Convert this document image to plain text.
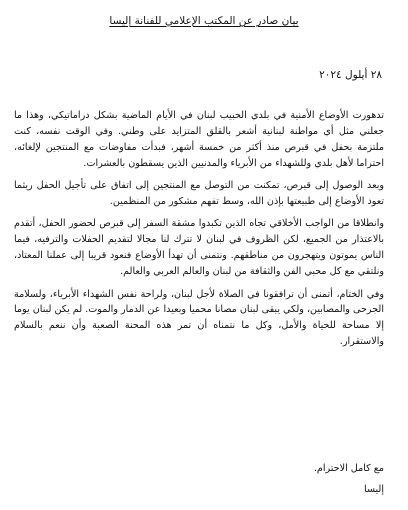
بيان صادر عن المكتب الإعلامي للفنانة إليسا
٢٨ أيلول ٢٠٢٤

تدهورت الأوضاع الأمنية في بلدي الحبيب لبنان في الأيام الماضية بشكل دراماتيكي، وهذا ما جعلني مثل أي مواطنة لبنانية أشعر بالقلق المتزايد على وطني. وفي الوقت نفسه، كنت ملتزمة بحفل في قبرص منذ أكثر من خمسة أشهر، فبدأت مفاوضات مع المنتجين لإلغائه، احتراما لأهل بلدي وللشهداء من الأبرياء والمدنيين الذين يسقطون بالعشرات.

وبعد الوصول إلى قبرص، تمكنت من التوصل مع المنتجين إلى اتفاق على تأجيل الحفل ريثما تعود الأوضاع إلى طبيعتها بإذن الله، وسط تفهم مشكور من المنظمين.

وانطلاقا من الواجب الأخلاقي تجاه الذين تكبدوا مشقة السفر إلى قبرص لحضور الحفل، أتقدم بالاعتذار من الجميع، لكن الظروف في لبنان لا تترك لنا مجالا لتقديم الحفلات والترفيه، فيما الناس يموتون ويتهجرون من مناطقهم. ونتمنى أن تهدأ الأوضاع فنعود قريبا إلى عملنا المعتاد، ونلتقي مع كل محبي الفن والثقافة من لبنان والعالم العربي والعالم.

وفي الختام، أتمنى أن ترافقونا في الصلاة لأجل لبنان، ولراحة نفس الشهداء الأبرياء، ولسلامة الجرحى والمصابين، ولكي يبقى لبنان مصانا محميا وبعيدا عن الدمار والموت. لم يكن لبنان يوما إلا مساحة للحياة والأمل، وكل ما نتمناه أن تمر هذه المحنة الصعبة وأن ننعم بالسلام والاستقرار.

مع كامل الاحترام.
إليسا
